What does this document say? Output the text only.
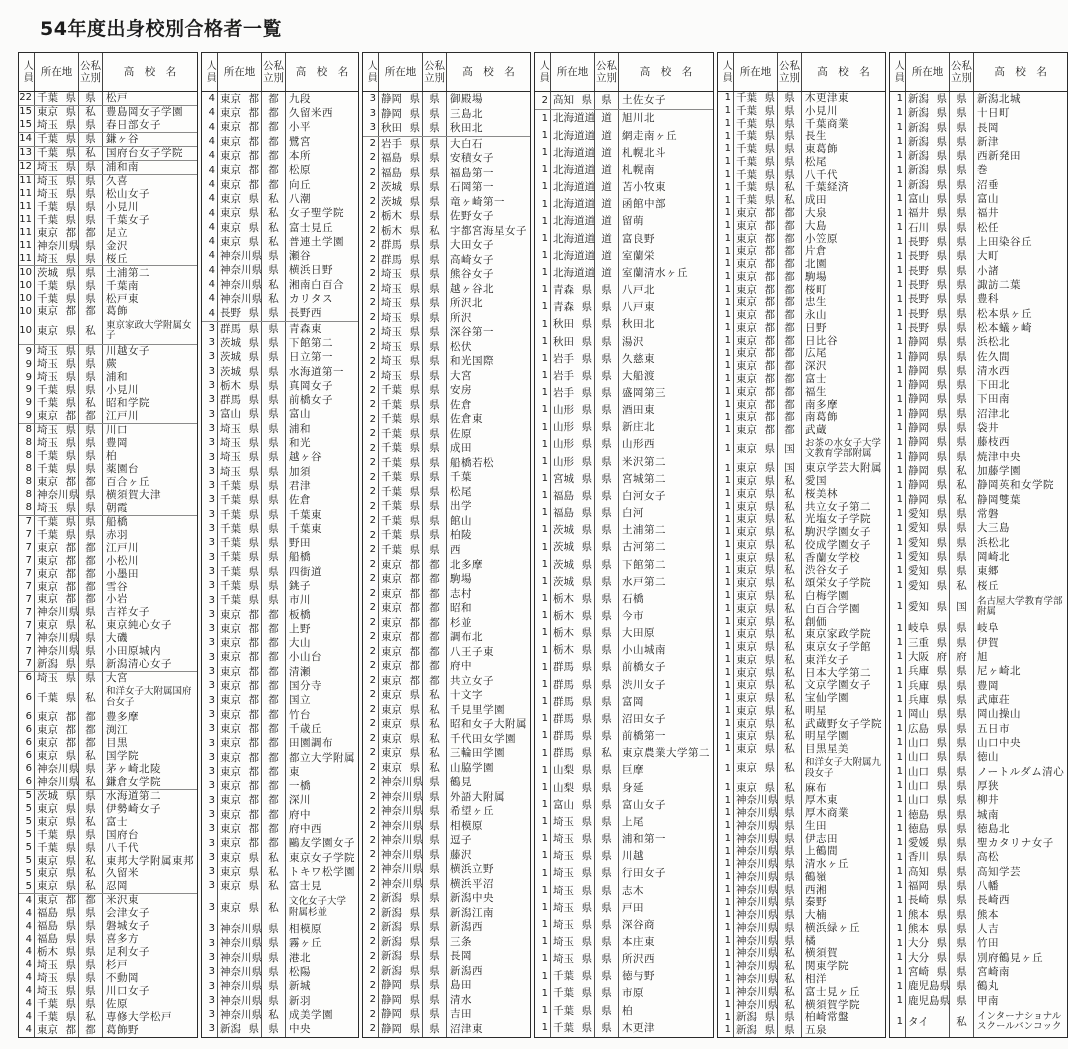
54年度出身校別合格者一覧
人員 所在地
公私立別
高　校　名
22 千葉 県 県 松戸
15 東京 県 私 豊島岡女子学園
15 埼玉 県 県 春日部女子
14 千葉 県 県 鎌ヶ谷
13 千葉 県 私 国府台女子学院
12 埼玉 県 県 浦和南
11 埼玉 県 県 久喜
11 埼玉 県 県 松山女子
11 千葉 県 県 小見川
11 千葉 県 県 千葉女子
11 東京 都 都 足立
11 神奈川 県 県 金沢
11 埼玉 県 県 桜丘
10 茨城 県 県 土浦第二
10 千葉 県 県 千葉南
10 千葉 県 県 松戸東
10 東京 都 都 葛飾
10 東京 県 私	東京家政大学附属女子
9 埼玉 県 県 川越女子
9 埼玉 県 県 蕨
9 埼玉 県 県 浦和
9 千葉 県 県 小見川
9 千葉 県 私 昭和学院
9 東京 都 都 江戸川
8 埼玉 県 県 川口
8 埼玉 県 県 豊岡
8 千葉 県 県 柏
8 千葉 県 県 薬園台
8 東京 都 都 百合ヶ丘
8 神奈川 県 県 横須賀大津
8 埼玉 県 県 朝霞
7 千葉 県 県 船橋
7 千葉 県 県 赤羽
7 東京 都 都 江戸川
7 東京 都 都 小松川
7 東京 都 都 小墨田
7 東京 都 都 雪谷
7 東京 都 都 小岩
7 神奈川 県 県 吉祥女子
7 東京 県 私 東京純心女子
7 神奈川 県 県 大磯
7 神奈川 県 県 小田原城内
7 新潟 県 県 新潟清心女子
6 埼玉 県 県 大宮
6 千葉 県 私	和洋女子大附属国府台女子
6 東京 都 都 豊多摩
6 東京 都 都 渕江
6 東京 都 都 目黒
6 東京 県 私 国学院
6 神奈川 県 県 茅ヶ崎北陵
6 神奈川 県 私 鎌倉女学院
5 茨城 県 県 水海道第二
5 東京 県 県 伊勢崎女子
5 東京 県 私 富士
5 千葉 県 県 国府台
5 千葉 県 県 八千代
5 東京 県 私 東邦大学附属東邦
5 東京 県 私 久留米
5 東京 県 私 忍岡
4 東京 都 都 米沢東
4 福島 県 県 会津女子
4 福島 県 県 磐城女子
4 福島 県 県 喜多方
4 栃木 県 県 足利女子
4 埼玉 県 県 杉戸
4 埼玉 県 県 不動岡
4 埼玉 県 県 川口女子
4 千葉 県 県 佐原
4 千葉 県 私 専修大学松戸
4 東京 都 都 葛飾野
人員 所在地
公私立別
高　校　名
4 東京 都 都 九段
4 東京 都 都 久留米西
4 東京 都 都 小平
4 東京 都 都 鷺宮
4 東京 都 都 本所
4 東京 都 都 松原
4 東京 都 都 向丘
4 東京 県 私 八潮
4 東京 県 私 女子聖学院
4 東京 県 私 富士見丘
4 東京 県 私 普連土学園
4 神奈川 県 県 瀬谷
4 神奈川 県 県 横浜日野
4 神奈川 県 私 湘南白百合
4 神奈川 県 私 カリタス
4 長野 県 県 長野西
3 群馬 県 県 青森東
3 茨城 県 県 下館第二
3 茨城 県 県 日立第一
3 茨城 県 県 水海道第一
3 栃木 県 県 真岡女子
3 群馬 県 県 前橋女子
3 富山 県 県 富山
3 埼玉 県 県 浦和
3 埼玉 県 県 和光
3 埼玉 県 県 越ヶ谷
3 埼玉 県 県 加須
3 千葉 県 県 君津
3 千葉 県 県 佐倉
3 千葉 県 県 千葉東
3 千葉 県 県 千葉東
3 千葉 県 県 野田
3 千葉 県 県 船橋
3 千葉 県 県 四街道
3 千葉 県 県 銚子
3 千葉 県 県 市川
3 東京 都 都 板橋
3 東京 都 都 上野
3 東京 都 都 大山
3 東京 都 都 小山台
3 東京 都 都 清瀬
3 東京 都 都 国分寺
3 東京 都 都 国立
3 東京 都 都 竹台
3 東京 都 都 千歳丘
3 東京 都 都 田園調布
3 東京 都 都 都立大学附属
3 東京 都 都 東
3 東京 都 都 一橋
3 東京 都 都 深川
3 東京 都 都 府中
3 東京 都 都 府中西
3 東京 都 都 鷗友学園女子
3 東京 県 私 東京女子学院
3 東京 県 私 トキワ松学園
3 東京 県 私 富士見
3 東京 県 私	文化女子大学附属杉並
3 神奈川 県 県 相模原
3 神奈川 県 県 霧ヶ丘
3 神奈川 県 県 港北
3 神奈川 県 県 松陽
3 神奈川 県 県 新城
3 神奈川 県 県 新羽
3 神奈川 県 私 成美学園
3 新潟 県 県 中央
人員 所在地
公私立別
高　校　名
3 静岡 県 県 御殿場
3 静岡 県 県 三島北
3 秋田 県 県 秋田北
2 岩手 県 県 大白石
2 福島 県 県 安積女子
2 福島 県 県 福島第一
2 茨城 県 県 石岡第一
2 茨城 県 県 竜ヶ崎第一
2 栃木 県 県 佐野女子
2 栃木 県 私 宇都宮海星女子
2 群馬 県 県 大田女子
2 群馬 県 県 高崎女子
2 埼玉 県 県 熊谷女子
2 埼玉 県 県 越ヶ谷北
2 埼玉 県 県 所沢北
2 埼玉 県 県 所沢
2 埼玉 県 県 深谷第一
2 埼玉 県 県 松伏
2 埼玉 県 県 和光国際
2 埼玉 県 県 大宮
2 千葉 県 県 安房
2 千葉 県 県 佐倉
2 千葉 県 県 佐倉東
2 千葉 県 県 佐原
2 千葉 県 県 成田
2 千葉 県 県 船橋若松
2 千葉 県 県 千葉
2 千葉 県 県 松尾
2 千葉 県 県 出学
2 千葉 県 県 館山
2 千葉 県 県 柏陵
2 千葉 県 県 西
2 東京 都 都 北多摩
2 東京 都 都 駒場
2 東京 都 都 志村
2 東京 都 都 昭和
2 東京 都 都 杉並
2 東京 都 都 調布北
2 東京 都 都 八王子東
2 東京 都 都 府中
2 東京 都 都 共立女子
2 東京 県 私 十文字
2 東京 県 私 千見里学園
2 東京 県 私 昭和女子大附属
2 東京 県 私 千代田女学園
2 東京 県 私 三輪田学園
2 東京 県 私 山脇学園
2 神奈川 県 県 鶴見
2 神奈川 県 県 外語大附属
2 神奈川 県 県 希望ヶ丘
2 神奈川 県 県 相模原
2 神奈川 県 県 逗子
2 神奈川 県 県 藤沢
2 神奈川 県 県 横浜立野
2 神奈川 県 県 横浜平沼
2 新潟 県 県 新潟中央
2 新潟 県 県 新潟江南
2 新潟 県 県 新潟西
2 新潟 県 県 三条
2 新潟 県 県 長岡
2 新潟 県 県 新潟西
2 静岡 県 県 島田
2 静岡 県 県 清水
2 静岡 県 県 吉田
2 静岡 県 県 沼津東
人員 所在地
公私立別
高　校　名
2 高知 県 県 土佐女子
1 北海道 道 道 旭川北
1 北海道 道 道 網走南ヶ丘
1 北海道 道 道 札幌北斗
1 北海道 道 道 札幌南
1 北海道 道 道 苫小牧東
1 北海道 道 道 函館中部
1 北海道 道 道 留萌
1 北海道 道 道 富良野
1 北海道 道 道 室蘭栄
1 北海道 道 道 室蘭清水ヶ丘
1 青森 県 県 八戸北
1 青森 県 県 八戸東
1 秋田 県 県 秋田北
1 秋田 県 県 湯沢
1 岩手 県 県 久慈東
1 岩手 県 県 大船渡
1 岩手 県 県 盛岡第三
1 山形 県 県 酒田東
1 山形 県 県 新庄北
1 山形 県 県 山形西
1 山形 県 県 米沢第二
1 宮城 県 県 宮城第二
1 福島 県 県 白河女子
1 福島 県 県 白河
1 茨城 県 県 土浦第二
1 茨城 県 県 古河第二
1 茨城 県 県 下館第二
1 茨城 県 県 水戸第二
1 栃木 県 県 石橋
1 栃木 県 県 今市
1 栃木 県 県 大田原
1 栃木 県 県 小山城南
1 群馬 県 県 前橋女子
1 群馬 県 県 渋川女子
1 群馬 県 県 富岡
1 群馬 県 県 沼田女子
1 群馬 県 県 前橋第一
1 群馬 県 私 東京農業大学第二
1 山梨 県 県 巨摩
1 山梨 県 県 身延
1 富山 県 県 富山女子
1 埼玉 県 県 上尾
1 埼玉 県 県 浦和第一
1 埼玉 県 県 川越
1 埼玉 県 県 行田女子
1 埼玉 県 県 志木
1 埼玉 県 県 戸田
1 埼玉 県 県 深谷商
1 埼玉 県 県 本庄東
1 埼玉 県 県 所沢西
1 千葉 県 県 徳与野
1 千葉 県 県 市原
1 千葉 県 県 柏
1 千葉 県 県 木更津
人員 所在地
公私立別
高　校　名
1 千葉 県 県 木更津東
1 千葉 県 県 小見川
1 千葉 県 県 千葉商業
1 千葉 県 県 長生
1 千葉 県 県 東葛飾
1 千葉 県 県 松尾
1 千葉 県 県 八千代
1 千葉 県 私 千葉経済
1 千葉 県 私 成田
1 東京 都 都 大泉
1 東京 都 都 大島
1 東京 都 都 小笠原
1 東京 都 都 片倉
1 東京 都 都 北園
1 東京 都 都 駒場
1 東京 都 都 桜町
1 東京 都 都 忠生
1 東京 都 都 永山
1 東京 都 都 日野
1 東京 都 都 日比谷
1 東京 都 都 広尾
1 東京 都 都 深沢
1 東京 都 都 富士
1 東京 都 都 福生
1 東京 都 都 南多摩
1 東京 都 都 南葛飾
1 東京 都 都 武蔵
1 東京 県 国	お茶の水女子大学文教育学部附属
1 東京 県 国 東京学芸大附属
1 東京 県 私 愛国
1 東京 県 私 桜美林
1 東京 県 私 共立女子第二
1 東京 県 私 光塩女子学院
1 東京 県 私 駒沢学園女子
1 東京 県 私 佼成学園女子
1 東京 県 私 香蘭女学校
1 東京 県 私 渋谷女子
1 東京 県 私 頌栄女子学院
1 東京 県 私 白梅学園
1 東京 県 私 白百合学園
1 東京 県 私 創価
1 東京 県 私 東京家政学院
1 東京 県 私 東京女子学館
1 東京 県 私 東洋女子
1 東京 県 私 日本大学第二
1 東京 県 私 文京学園女子
1 東京 県 私 宝仙学園
1 東京 県 私 明星
1 東京 県 私 武蔵野女子学院
1 東京 県 私 明星学園
1 東京 県 私 目黒星美
1 東京 県 私	和洋女子大附属九段女子
1 東京 県 私 麻布
1 神奈川 県 県 厚木東
1 神奈川 県 県 厚木商業
1 神奈川 県 県 生田
1 神奈川 県 県 伊志田
1 神奈川 県 県 上鶴間
1 神奈川 県 県 清水ヶ丘
1 神奈川 県 県 鶴嶺
1 神奈川 県 県 西湘
1 神奈川 県 県 秦野
1 神奈川 県 県 大楠
1 神奈川 県 県 横浜緑ヶ丘
1 神奈川 県 県 橘
1 神奈川 県 私 横須賀
1 神奈川 県 私 関東学院
1 神奈川 県 私 相洋
1 神奈川 県 私 富士見ヶ丘
1 神奈川 県 私 横須賀学院
1 新潟 県 県 柏崎常盤
1 新潟 県 県 五泉
人員 所在地
公私立別
高　校　名
1 新潟 県 県 新潟北城
1 新潟 県 県 十日町
1 新潟 県 県 長岡
1 新潟 県 県 新津
1 新潟 県 県 西新発田
1 新潟 県 県 巻
1 新潟 県 県 沼垂
1 富山 県 県 富山
1 福井 県 県 福井
1 石川 県 県 松任
1 長野 県 県 上田染谷丘
1 長野 県 県 大町
1 長野 県 県 小諸
1 長野 県 県 諏訪二葉
1 長野 県 県 豊科
1 長野 県 県 松本県ヶ丘
1 長野 県 県 松本蟻ヶ崎
1 静岡 県 県 浜松北
1 静岡 県 県 佐久間
1 静岡 県 県 清水西
1 静岡 県 県 下田北
1 静岡 県 県 下田南
1 静岡 県 県 沼津北
1 静岡 県 県 袋井
1 静岡 県 県 藤枝西
1 静岡 県 県 焼津中央
1 静岡 県 私 加藤学園
1 静岡 県 私 静岡英和女学院
1 静岡 県 私 静岡雙葉
1 愛知 県 県 常磐
1 愛知 県 県 大三島
1 愛知 県 県 浜松北
1 愛知 県 県 岡崎北
1 愛知 県 県 東郷
1 愛知 県 私 桜丘
1 愛知 県 国	名古屋大学教育学部附属
1 岐阜 県 県 岐阜
1 三重 県 県 伊賀
1 大阪 府 府 旭
1 兵庫 県 県 尼ヶ崎北
1 兵庫 県 県 豊岡
1 兵庫 県 県 武庫荘
1 岡山 県 県 岡山操山
1 広島 県 県 五日市
1 山口 県 県 山口中央
1 山口 県 県 徳山
1 山口 県 県 ノートルダム清心
1 山口 県 県 厚狭
1 山口 県 県 柳井
1 徳島 県 県 城南
1 徳島 県 県 徳島北
1 愛媛 県 県 聖カタリナ女子
1 香川 県 県 高松
1 高知 県 県 高知学芸
1 福岡 県 県 八幡
1 長崎 県 県 長崎西
1 熊本 県 県 熊本
1 熊本 県 県 人吉
1 大分 県 県 竹田
1 大分 県 県 別府鶴見ヶ丘
1 宮崎 県 県 宮崎南
1 鹿児島 県 県 鶴丸
1 鹿児島 県 県 甲南
1 タイ	私	インターナショナルスクールバンコック
